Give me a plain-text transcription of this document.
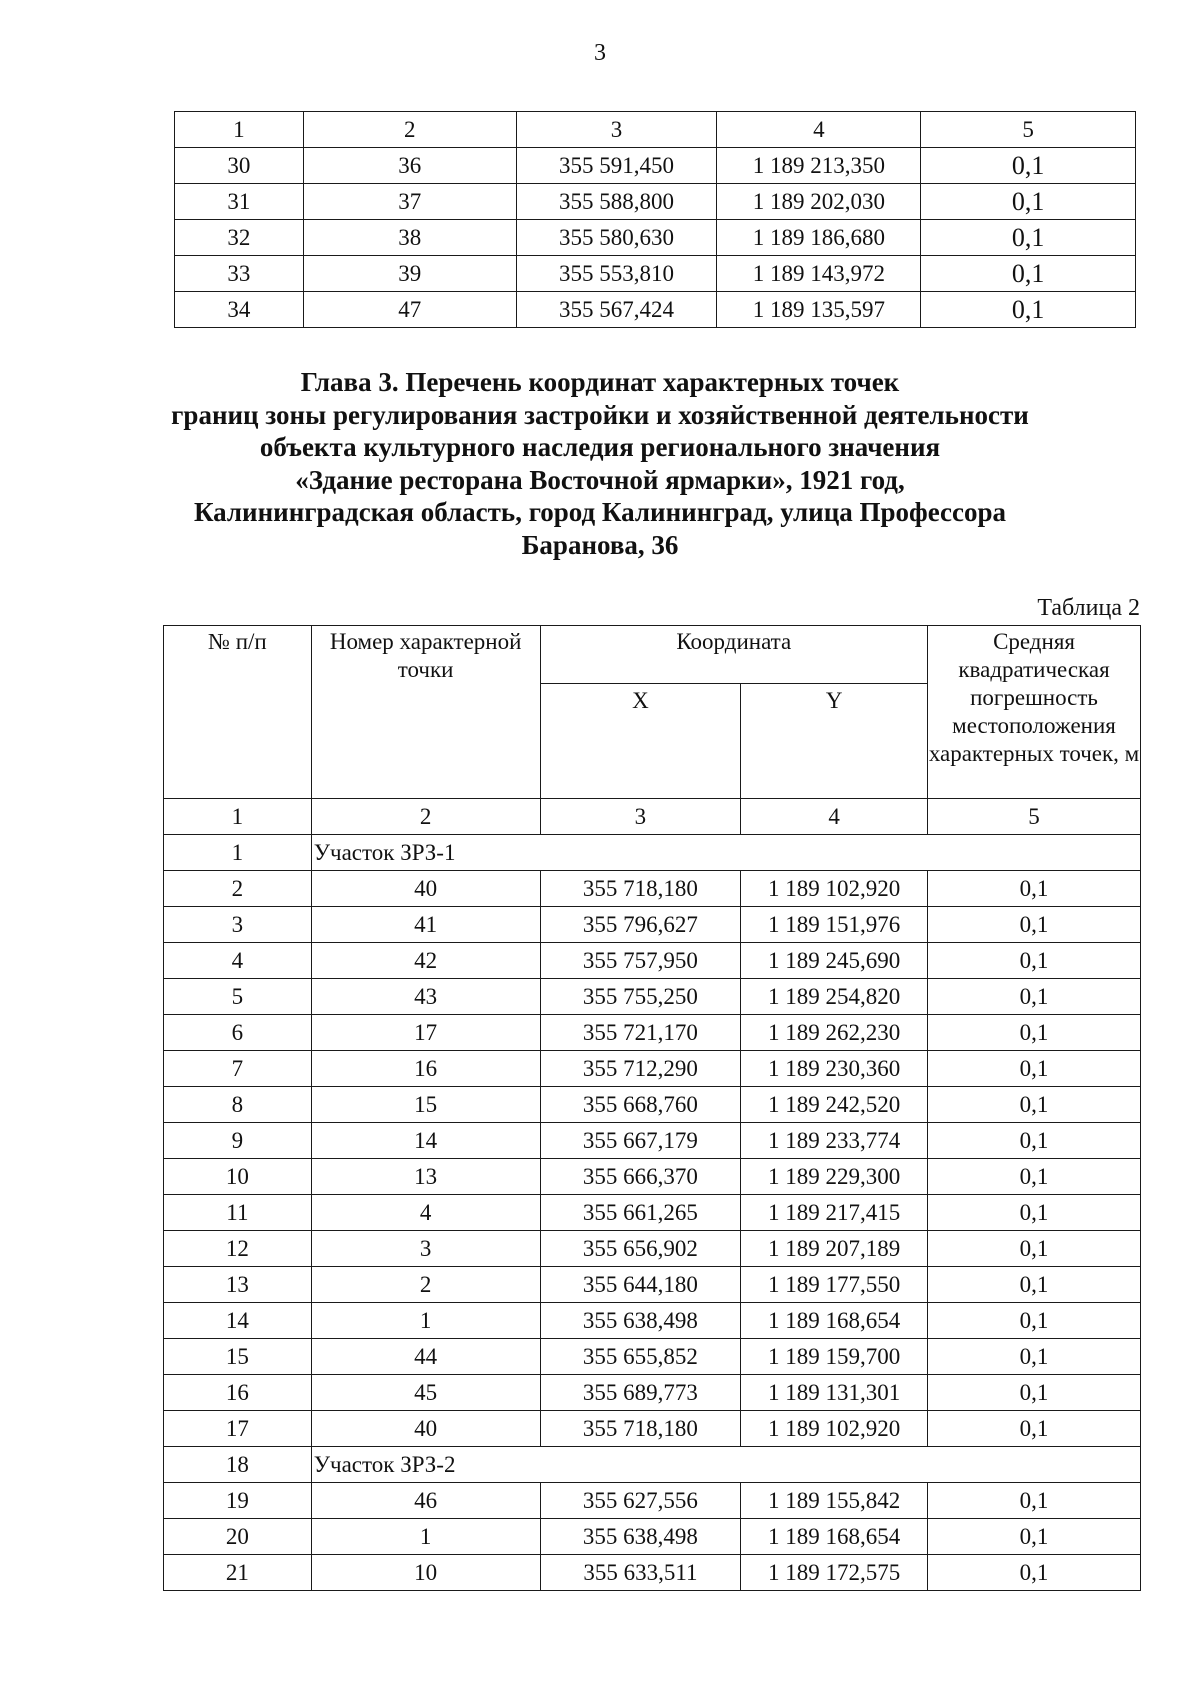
3
1	2	3	4	5
30	36	355 591,450	1 189 213,350	0,1
31	37	355 588,800	1 189 202,030	0,1
32	38	355 580,630	1 189 186,680	0,1
33	39	355 553,810	1 189 143,972	0,1
34	47	355 567,424	1 189 135,597	0,1
Глава 3. Перечень координат характерных точек
границ зоны регулирования застройки и хозяйственной деятельности
объекта культурного наследия регионального значения
«Здание ресторана Восточной ярмарки», 1921 год,
Калининградская область, город Калининград, улица Профессора
Баранова, 36
Таблица 2
№ п/п	Номер характерной точки	Координата		Средняя квадратическая погрешность местоположения характерных точек, м
		X	Y	
1	2	3	4	5
1	Участок ЗРЗ-1			
2	40	355 718,180	1 189 102,920	0,1
3	41	355 796,627	1 189 151,976	0,1
4	42	355 757,950	1 189 245,690	0,1
5	43	355 755,250	1 189 254,820	0,1
6	17	355 721,170	1 189 262,230	0,1
7	16	355 712,290	1 189 230,360	0,1
8	15	355 668,760	1 189 242,520	0,1
9	14	355 667,179	1 189 233,774	0,1
10	13	355 666,370	1 189 229,300	0,1
11	4	355 661,265	1 189 217,415	0,1
12	3	355 656,902	1 189 207,189	0,1
13	2	355 644,180	1 189 177,550	0,1
14	1	355 638,498	1 189 168,654	0,1
15	44	355 655,852	1 189 159,700	0,1
16	45	355 689,773	1 189 131,301	0,1
17	40	355 718,180	1 189 102,920	0,1
18	Участок ЗРЗ-2			
19	46	355 627,556	1 189 155,842	0,1
20	1	355 638,498	1 189 168,654	0,1
21	10	355 633,511	1 189 172,575	0,1
